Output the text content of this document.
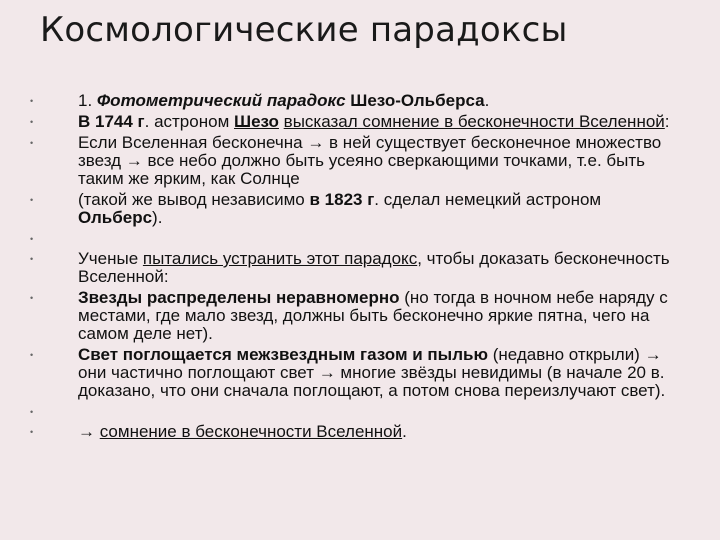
Космологические парадоксы
•	1. Фотометрический парадокс Шезо-Ольберса.
•	В 1744 г. астроном Шезо высказал сомнение в бесконечности Вселенной:
•	Если Вселенная бесконечна → в ней существует бесконечное множество звезд → все небо должно быть усеяно сверкающими точками, т.е. быть таким же ярким, как Солнце
•	(такой же вывод независимо в 1823 г. сделал немецкий астроном Ольберс).
•
•	Ученые пытались устранить этот парадокс, чтобы доказать бесконечность Вселенной:
•	Звезды распределены неравномерно (но тогда в ночном небе наряду с местами, где мало звезд, должны быть бесконечно яркие пятна, чего на самом деле нет).
•	Свет поглощается межзвездным газом и пылью (недавно открыли) → они частично поглощают свет → многие звёзды невидимы (в начале 20 в. доказано, что они сначала поглощают, а потом снова переизлучают свет).
•
•	→ сомнение в бесконечности Вселенной.
